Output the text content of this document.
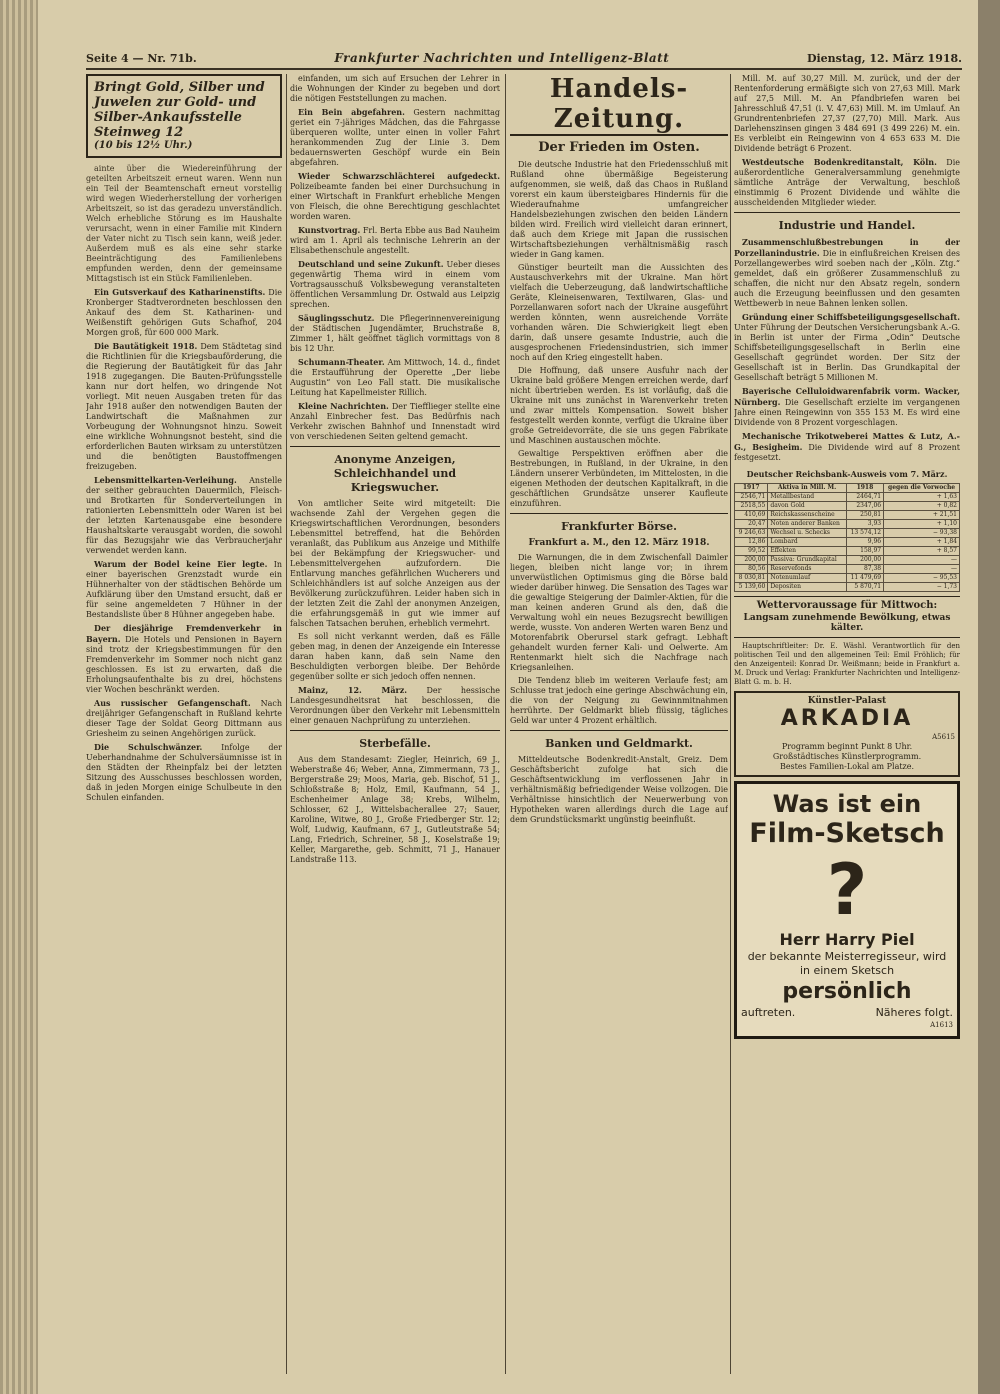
Seite 4 — Nr. 71b.	Frankfurter Nachrichten und Intelligenz-Blatt	Dienstag, 12. März 1918.
Bringt Gold, Silber und Juwelen zur Gold- und Silber-Ankaufsstelle Steinweg 12
(10 bis 12½ Uhr.)

ainte über die Wiedereinführung der geteilten Arbeitszeit erneut waren. Wenn nun ein Teil der Beamtenschaft erneut vorstellig wird wegen Wiederherstellung der vorherigen Arbeitszeit, so ist das geradezu unverständlich. Welch erhebliche Störung es im Haushalte verursacht, wenn in einer Familie mit Kindern der Vater nicht zu Tisch sein kann, weiß jeder. Außerdem muß es als eine sehr starke Beeinträchtigung des Familienlebens empfunden werden, denn der gemeinsame Mittagstisch ist ein Stück Familienleben.

Ein Gutsverkauf des Katharinenstifts. Die Kronberger Stadtverordneten beschlossen den Ankauf des dem St. Katharinen- und Weißenstift gehörigen Guts Schafhof, 204 Morgen groß, für 600 000 Mark.

Die Bautätigkeit 1918. Dem Städtetag sind die Richtlinien für die Kriegsbauförderung, die die Regierung der Bautätigkeit für das Jahr 1918 zugegangen. Die Bauten-Prüfungsstelle kann nur dort helfen, wo dringende Not vorliegt. Mit neuen Ausgaben treten für das Jahr 1918 außer den notwendigen Bauten der Landwirtschaft die Maßnahmen zur Vorbeugung der Wohnungsnot hinzu. Soweit eine wirkliche Wohnungsnot besteht, sind die erforderlichen Bauten wirksam zu unterstützen und die benötigten Baustoffmengen freizugeben.

Lebensmittelkarten-Verleihung. Anstelle der seither gebrauchten Dauermilch, Fleisch- und Brotkarten für Sonderverteilungen in rationierten Lebensmitteln oder Waren ist bei der letzten Kartenausgabe eine besondere Haushaltskarte verausgabt worden, die sowohl für das Bezugsjahr wie das Verbraucherjahr verwendet werden kann.

Warum der Bodel keine Eier legte. In einer bayerischen Grenzstadt wurde ein Hühnerhalter von der städtischen Behörde um Aufklärung über den Umstand ersucht, daß er für seine angemeldeten 7 Hühner in der Bestandsliste über 8 Hühner angegeben habe.

Der diesjährige Fremdenverkehr in Bayern. Die Hotels und Pensionen in Bayern sind trotz der Kriegsbestimmungen für den Fremdenverkehr im Sommer noch nicht ganz geschlossen. Es ist zu erwarten, daß die Erholungsaufenthalte bis zu drei, höchstens vier Wochen beschränkt werden.

Aus russischer Gefangenschaft. Nach dreijähriger Gefangenschaft in Rußland kehrte dieser Tage der Soldat Georg Dittmann aus Griesheim zu seinen Angehörigen zurück.

Die Schulschwänzer. Infolge der Ueberhandnahme der Schulversäumnisse ist in den Städten der Rheinpfalz bei der letzten Sitzung des Ausschusses beschlossen worden, daß in jeden Morgen einige Schulbeute in den Schulen einfanden.

einfanden, um sich auf Ersuchen der Lehrer in die Wohnungen der Kinder zu begeben und dort die nötigen Feststellungen zu machen.

Ein Bein abgefahren. Gestern nachmittag geriet ein 7-jähriges Mädchen, das die Fahrgasse überqueren wollte, unter einen in voller Fahrt herankommenden Zug der Linie 3. Dem bedauernswerten Geschöpf wurde ein Bein abgefahren.

Wieder Schwarzschlächterei aufgedeckt. Polizeibeamte fanden bei einer Durchsuchung in einer Wirtschaft in Frankfurt erhebliche Mengen von Fleisch, die ohne Berechtigung geschlachtet worden waren.

Kunstvortrag. Frl. Berta Ebbe aus Bad Nauheim wird am 1. April als technische Lehrerin an der Elisabethenschule angestellt.

Deutschland und seine Zukunft. Ueber dieses gegenwärtig Thema wird in einem vom Vortragsausschuß Volksbewegung veranstalteten öffentlichen Versammlung Dr. Ostwald aus Leipzig sprechen.

Säuglingsschutz. Die Pflegerinnenvereinigung der Städtischen Jugendämter, Bruchstraße 8, Zimmer 1, hält geöffnet täglich vormittags von 8 bis 12 Uhr.

Schumann-Theater. Am Mittwoch, 14. d., findet die Erstaufführung der Operette „Der liebe Augustin“ von Leo Fall statt. Die musikalische Leitung hat Kapellmeister Rillich.

Kleine Nachrichten. Der Tiefflieger stellte eine Anzahl Einbrecher fest. Das Bedürfnis nach Verkehr zwischen Bahnhof und Innenstadt wird von verschiedenen Seiten geltend gemacht.

Anonyme Anzeigen, Schleichhandel und Kriegswucher.

Von amtlicher Seite wird mitgeteilt: Die wachsende Zahl der Vergehen gegen die Kriegswirtschaftlichen Verordnungen, besonders Lebensmittel betreffend, hat die Behörden veranlaßt, das Publikum aus Anzeige und Mithilfe bei der Bekämpfung der Kriegswucher- und Lebensmittelvergehen aufzufordern. Die Entlarvung manches gefährlichen Wucherers und Schleichhändlers ist auf solche Anzeigen aus der Bevölkerung zurückzuführen. Leider haben sich in der letzten Zeit die Zahl der anonymen Anzeigen, die erfahrungsgemäß in gut wie immer auf falschen Tatsachen beruhen, erheblich vermehrt.

Es soll nicht verkannt werden, daß es Fälle geben mag, in denen der Anzeigende ein Interesse daran haben kann, daß sein Name den Beschuldigten verborgen bleibe. Der Behörde gegenüber sollte er sich jedoch offen nennen.

Mainz, 12. März. Der hessische Landesgesundheitsrat hat beschlossen, die Verordnungen über den Verkehr mit Lebensmitteln einer genauen Nachprüfung zu unterziehen.

Sterbefälle.

Aus dem Standesamt: Ziegler, Heinrich, 69 J., Weberstraße 46; Weber, Anna, Zimmermann, 73 J., Bergerstraße 29; Moos, Maria, geb. Bischof, 51 J., Schloßstraße 8; Holz, Emil, Kaufmann, 54 J., Eschenheimer Anlage 38; Krebs, Wilhelm, Schlosser, 62 J., Wittelsbacherallee 27; Sauer, Karoline, Witwe, 80 J., Große Friedberger Str. 12; Wolf, Ludwig, Kaufmann, 67 J., Gutleutstraße 54; Lang, Friedrich, Schreiner, 58 J., Koselstraße 19; Keller, Margarethe, geb. Schmitt, 71 J., Hanauer Landstraße 113.

Handels-Zeitung.
Der Frieden im Osten.

Die deutsche Industrie hat den Friedensschluß mit Rußland ohne übermäßige Begeisterung aufgenommen, sie weiß, daß das Chaos in Rußland vorerst ein kaum übersteigbares Hindernis für die Wiederaufnahme umfangreicher Handelsbeziehungen zwischen den beiden Ländern bilden wird. Freilich wird vielleicht daran erinnert, daß auch dem Kriege mit Japan die russischen Wirtschaftsbeziehungen verhältnismäßig rasch wieder in Gang kamen.

Günstiger beurteilt man die Aussichten des Austauschverkehrs mit der Ukraine. Man hört vielfach die Ueberzeugung, daß landwirtschaftliche Geräte, Kleineisenwaren, Textilwaren, Glas- und Porzellanwaren sofort nach der Ukraine ausgeführt werden könnten, wenn ausreichende Vorräte vorhanden wären. Die Schwierigkeit liegt eben darin, daß unsere gesamte Industrie, auch die ausgesprochenen Friedensindustrien, sich immer noch auf den Krieg eingestellt haben.

Die Hoffnung, daß unsere Ausfuhr nach der Ukraine bald größere Mengen erreichen werde, darf nicht übertrieben werden. Es ist vorläufig, daß die Ukraine mit uns zunächst in Warenverkehr treten und zwar mittels Kompensation. Soweit bisher festgestellt werden konnte, verfügt die Ukraine über große Getreidevorräte, die sie uns gegen Fabrikate und Maschinen austauschen möchte.

Gewaltige Perspektiven eröffnen aber die Bestrebungen, in Rußland, in der Ukraine, in den Ländern unserer Verbündeten, im Mittelosten, in die eigenen Methoden der deutschen Kapitalkraft, in die geschäftlichen Grundsätze unserer Kaufleute einzuführen.

Frankfurter Börse.
Frankfurt a. M., den 12. März 1918.

Die Warnungen, die in dem Zwischenfall Daimler liegen, bleiben nicht lange vor; in ihrem unverwüstlichen Optimismus ging die Börse bald wieder darüber hinweg. Die Sensation des Tages war die gewaltige Steigerung der Daimler-Aktien, für die man keinen anderen Grund als den, daß die Verwaltung wohl ein neues Bezugsrecht bewilligen werde, wusste. Von anderen Werten waren Benz und Motorenfabrik Oberursel stark gefragt. Lebhaft gehandelt wurden ferner Kali- und Oelwerte. Am Rentenmarkt hielt sich die Nachfrage nach Kriegsanleihen.

Die Tendenz blieb im weiteren Verlaufe fest; am Schlusse trat jedoch eine geringe Abschwächung ein, die von der Neigung zu Gewinnmitnahmen herrührte. Der Geldmarkt blieb flüssig, tägliches Geld war unter 4 Prozent erhältlich.

Banken und Geldmarkt.

Mitteldeutsche Bodenkredit-Anstalt, Greiz. Dem Geschäftsbericht zufolge hat sich die Geschäftsentwicklung im verflossenen Jahr in verhältnismäßig befriedigender Weise vollzogen. Die Verhältnisse hinsichtlich der Neuerwerbung von Hypotheken waren allerdings durch die Lage auf dem Grundstücksmarkt ungünstig beeinflußt.

Mill. M. auf 30,27 Mill. M. zurück, und der der Rentenforderung ermäßigte sich von 27,63 Mill. Mark auf 27,5 Mill. M. An Pfandbriefen waren bei Jahresschluß 47,51 (i. V. 47,63) Mill. M. im Umlauf. An Grundrentenbriefen 27,37 (27,70) Mill. Mark. Aus Darlehenszinsen gingen 3 484 691 (3 499 226) M. ein. Es verbleibt ein Reingewinn von 4 653 633 M. Die Dividende beträgt 6 Prozent.

Westdeutsche Bodenkreditanstalt, Köln. Die außerordentliche Generalversammlung genehmigte sämtliche Anträge der Verwaltung, beschloß einstimmig 6 Prozent Dividende und wählte die ausscheidenden Mitglieder wieder.

Industrie und Handel.

Zusammenschlußbestrebungen in der Porzellanindustrie. Die in einflußreichen Kreisen des Porzellangewerbes wird soeben nach der „Köln. Ztg.“ gemeldet, daß ein größerer Zusammenschluß zu schaffen, die nicht nur den Absatz regeln, sondern auch die Erzeugung beeinflussen und den gesamten Wettbewerb in neue Bahnen lenken sollen.

Gründung einer Schiffsbeteiligungsgesellschaft. Unter Führung der Deutschen Versicherungsbank A.-G. in Berlin ist unter der Firma „Odin“ Deutsche Schiffsbeteiligungsgesellschaft in Berlin eine Gesellschaft gegründet worden. Der Sitz der Gesellschaft ist in Berlin. Das Grundkapital der Gesellschaft beträgt 5 Millionen M.

Bayerische Celluloidwarenfabrik vorm. Wacker, Nürnberg. Die Gesellschaft erzielte im vergangenen Jahre einen Reingewinn von 355 153 M. Es wird eine Dividende von 8 Prozent vorgeschlagen.

Mechanische Trikotweberei Mattes & Lutz, A.-G., Besigheim. Die Dividende wird auf 8 Prozent festgesetzt.

Deutscher Reichsbank-Ausweis vom 7. März.
1917	Aktiva in Mill. M.	1918	gegen die Vorwoche
2546,71	Metallbestand	2464,71	+ 1,63
2518,55	davon Gold	2347,06	+ 0,82
410,69	Reichskassenscheine	250,81	+ 21,51
20,47	Noten anderer Banken	3,93	+ 1,10
9 246,63	Wechsel u. Schecks	13 574,12	− 93,38
12,86	Lombard	9,96	+ 1,84
99,52	Effekten	158,97	+ 8,57
200,00	Passiva: Grundkapital	200,00	—
80,56	Reservefonds	87,38	—
8 030,81	Notenumlauf	11 479,69	− 95,53
5 139,60	Depositen	5 870,71	− 1,73
Wettervoraussage für Mittwoch:
Langsam zunehmende Bewölkung, etwas kälter.

Hauptschriftleiter: Dr. E. Wäshl. Verantwortlich für den politischen Teil und den allgemeinen Teil: Emil Fröhlich; für den Anzeigenteil: Konrad Dr. Weißmann; beide in Frankfurt a. M. Druck und Verlag: Frankfurter Nachrichten und Intelligenz-Blatt G. m. b. H.

Künstler-Palast
ARKADIA
A5615
Programm beginnt Punkt 8 Uhr.
Großstädtisches Künstlerprogramm.
Bestes Familien-Lokal am Platze.
Was ist ein
Film-Sketsch
?
Herr Harry Piel
der bekannte Meisterregisseur, wird in einem Sketsch
persönlich
auftreten.	Näheres folgt.
A1613
